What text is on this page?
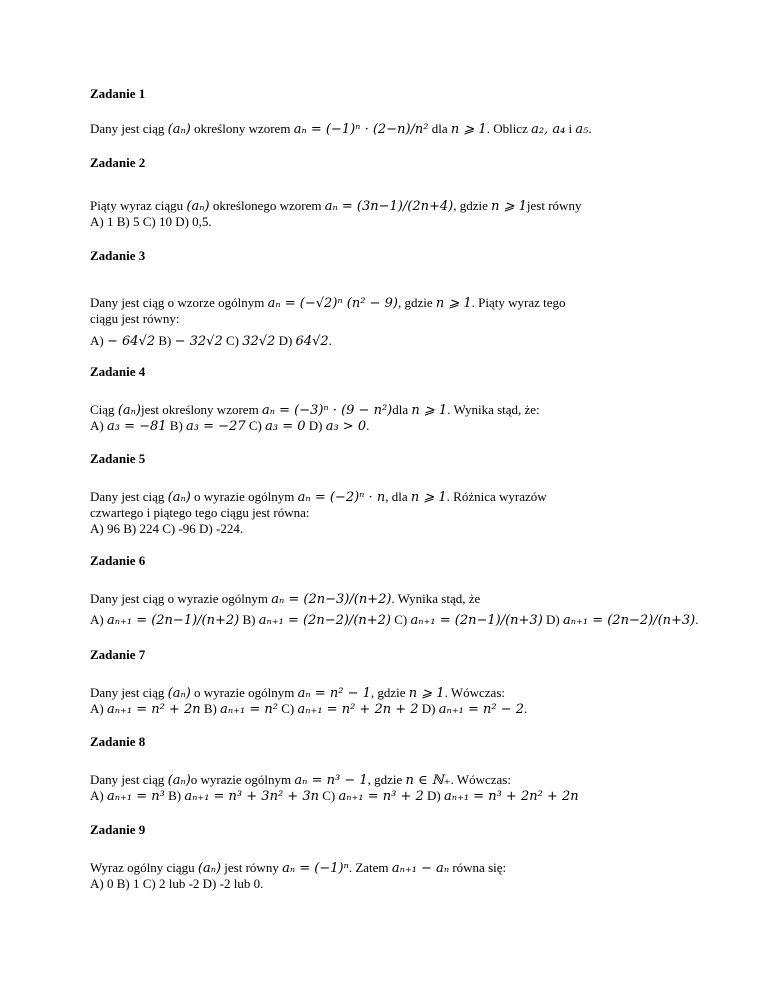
Zadanie 1
Dany jest ciąg (aₙ) określony wzorem aₙ = (−1)ⁿ · (2−n)/n² dla n ⩾ 1. Oblicz a₂, a₄ i a₅.
Zadanie 2
Piąty wyraz ciągu (aₙ) określonego wzorem aₙ = (3n−1)/(2n+4), gdzie n ⩾ 1jest równy
A) 1 B) 5 C) 10 D) 0,5.
Zadanie 3
Dany jest ciąg o wzorze ogólnym aₙ = (−√2)ⁿ (n² − 9), gdzie n ⩾ 1. Piąty wyraz tego
ciągu jest równy:
A) − 64√2 B) − 32√2 C) 32√2 D) 64√2.
Zadanie 4
Ciąg (aₙ)jest określony wzorem aₙ = (−3)ⁿ · (9 − n²)dla n ⩾ 1. Wynika stąd, że:
A) a₃ = −81 B) a₃ = −27 C) a₃ = 0 D) a₃ > 0.
Zadanie 5
Dany jest ciąg (aₙ) o wyrazie ogólnym aₙ = (−2)ⁿ · n, dla n ⩾ 1. Różnica wyrazów
czwartego i piątego tego ciągu jest równa:
A) 96 B) 224 C) -96 D) -224.
Zadanie 6
Dany jest ciąg o wyrazie ogólnym aₙ = (2n−3)/(n+2). Wynika stąd, że
A) aₙ₊₁ = (2n−1)/(n+2) B) aₙ₊₁ = (2n−2)/(n+2) C) aₙ₊₁ = (2n−1)/(n+3) D) aₙ₊₁ = (2n−2)/(n+3).
Zadanie 7
Dany jest ciąg (aₙ) o wyrazie ogólnym aₙ = n² − 1, gdzie n ⩾ 1. Wówczas:
A) aₙ₊₁ = n² + 2n B) aₙ₊₁ = n² C) aₙ₊₁ = n² + 2n + 2 D) aₙ₊₁ = n² − 2.
Zadanie 8
Dany jest ciąg (aₙ)o wyrazie ogólnym aₙ = n³ − 1, gdzie n ∈ ℕ₊. Wówczas:
A) aₙ₊₁ = n³ B) aₙ₊₁ = n³ + 3n² + 3n C) aₙ₊₁ = n³ + 2 D) aₙ₊₁ = n³ + 2n² + 2n
Zadanie 9
Wyraz ogólny ciągu (aₙ) jest równy aₙ = (−1)ⁿ. Zatem aₙ₊₁ − aₙ równa się:
A) 0 B) 1 C) 2 lub -2 D) -2 lub 0.
